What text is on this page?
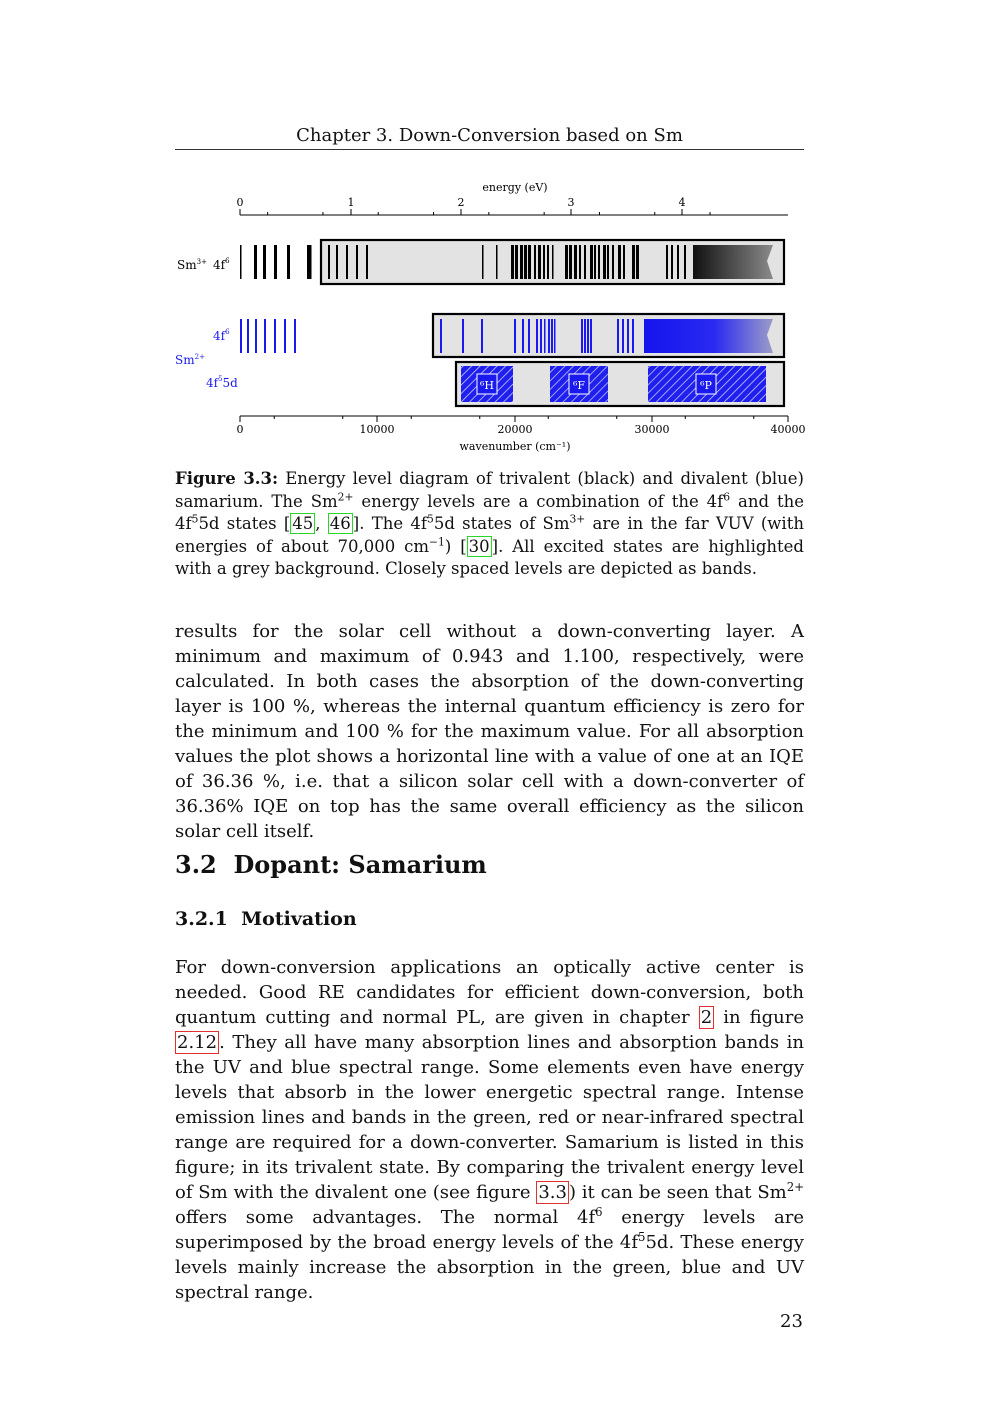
Chapter 3. Down-Conversion based on Sm
energy (eV)
0	1	2	3	4
$Sm^{3+}$ $4f^6$
$4f^6$
$Sm^{2+}$
$4f^55d$	⁶H	⁶F	⁶P
0	10000	20000	30000	40000
wavenumber (cm⁻¹)
Figure 3.3: Energy level diagram of trivalent (black) and divalent (blue) samarium. The $Sm^{2+}$ energy levels are a combination of the $4f^6$ and the $4f^55d$ states [ 45 , 46 ]. The $4f^55d$ states of $Sm^{3+}$ are in the far VUV (with energies of about 70,000 $cm^{-1}$) [ 30 ]. All excited states are highlighted with a grey background. Closely spaced levels are depicted as bands.
results for the solar cell without a down-converting layer. A minimum and maximum of 0.943 and 1.100, respectively, were calculated. In both cases the absorption of the down-converting layer is 100 %, whereas the internal quantum efficiency is zero for the minimum and 100 % for the maximum value. For all absorption values the plot shows a horizontal line with a value of one at an IQE of 36.36 %, i.e. that a silicon solar cell with a down-converter of 36.36% IQE on top has the same overall efficiency as the silicon solar cell itself.
3.2 Dopant: Samarium
3.2.1 Motivation
For down-conversion applications an optically active center is needed. Good RE candidates for efficient down-conversion, both quantum cutting and normal PL, are given in chapter 2 in figure 2.12 . They all have many absorption lines and absorption bands in the UV and blue spectral range. Some elements even have energy levels that absorb in the lower energetic spectral range. Intense emission lines and bands in the green, red or near-infrared spectral range are required for a down-converter. Samarium is listed in this figure; in its trivalent state. By comparing the trivalent energy level of Sm with the divalent one (see figure 3.3 ) it can be seen that $Sm^{2+}$ offers some advantages. The normal $4f^6$ energy levels are superimposed by the broad energy levels of the $4f^55d$. These energy levels mainly increase the absorption in the green, blue and UV spectral range.
23
